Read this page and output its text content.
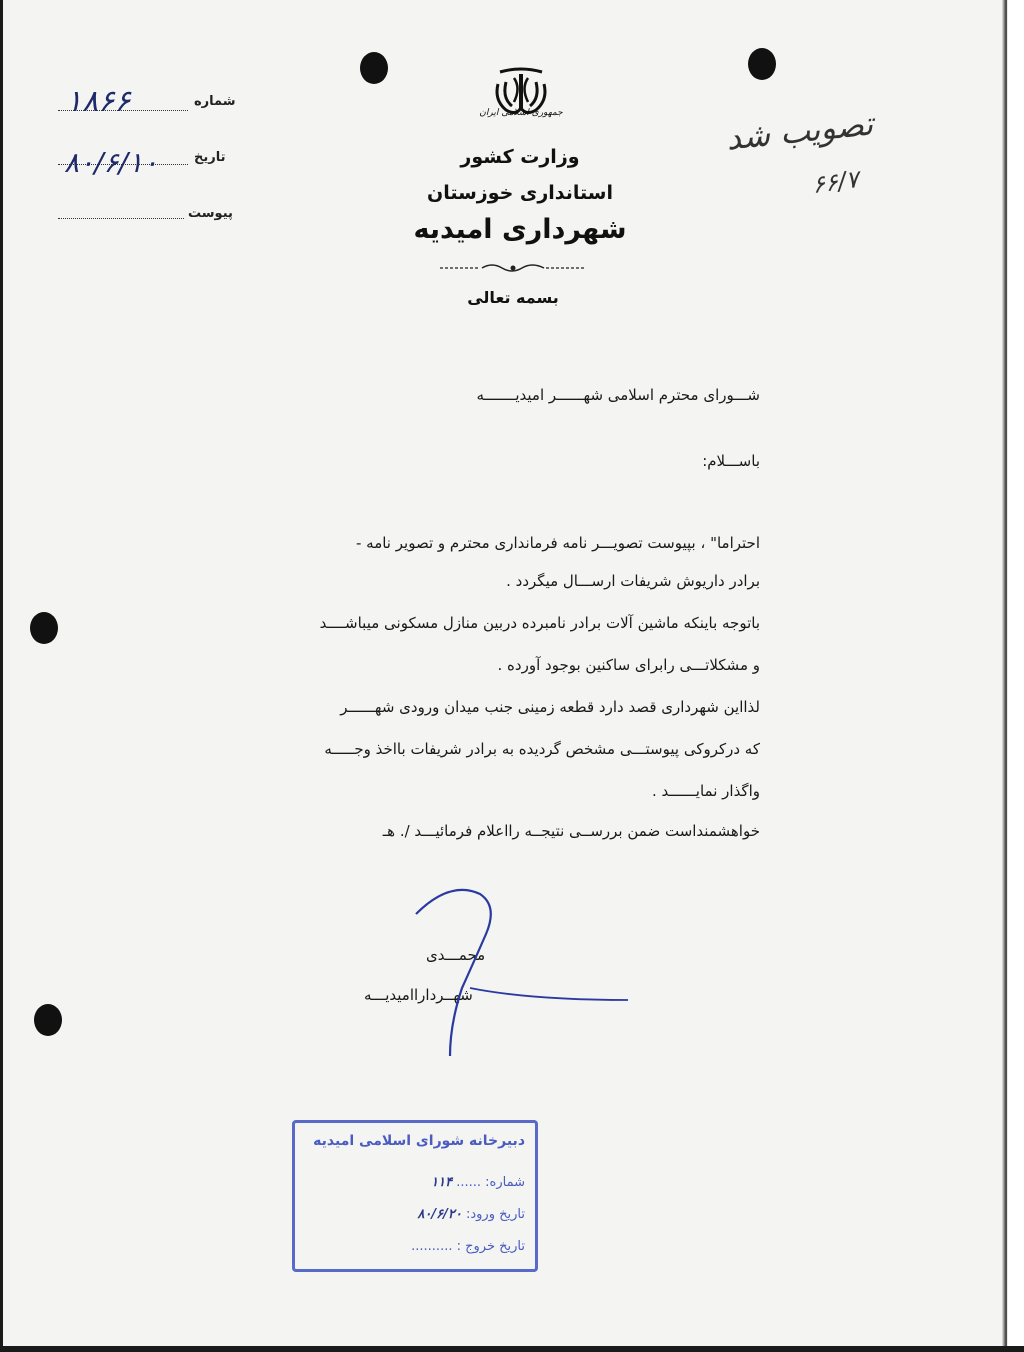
شماره
۱۸۶۶
تاریخ
۸۰/۶/۱۰
پیوست
جمهوری اسلامی ایران
وزارت کشور
استانداری خوزستان
شهرداری امیدیه
بسمه تعالی
تصویب شد
۶۶/۷
شـــورای محترم اسلامی شهــــــر امیدیـــــــه
باســـلام:
احتراما" ، بپیوست تصویـــر نامه فرمانداری محترم و تصویر نامه -
برادر داریوش شریفات ارســـال میگردد .
باتوجه باینکه ماشین آلات برادر نامبرده دربین منازل مسکونی میباشــــد
و مشکلاتـــی رابرای ساکنین بوجود آورده .
لذااین شهرداری قصد دارد قطعه زمینی جنب میدان ورودی شهــــــر
که درکروکی پیوستـــی مشخص گردیده به برادر شریفات بااخذ وجـــــه
واگذار نمایــــــد .
خواهشمنداست ضمن بررســی نتیجــه رااعلام فرمائیـــد /. هـ
محمـــدی
شهــرداراامیدیـــه
دبیرخانه شورای اسلامی امیدیه
شماره: ...... ۱۱۴
تاریخ ورود: ۸۰/۶/۲۰
تاریخ خروج : ..........
